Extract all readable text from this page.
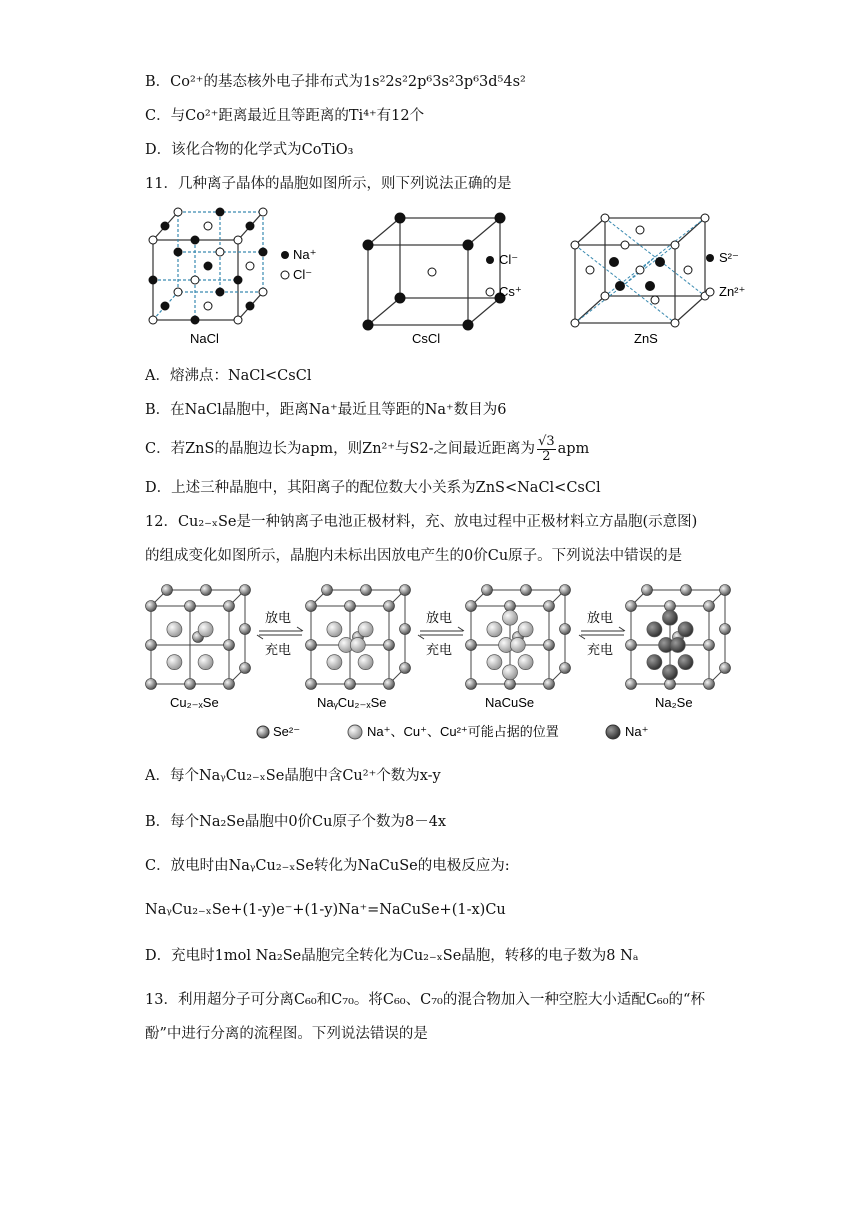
B．Co²⁺的基态核外电子排布式为1s²2s²2p⁶3s²3p⁶3d⁵4s²
C．与Co²⁺距离最近且等距离的Ti⁴⁺有12个
D．该化合物的化学式为CoTiO₃
11．几种离子晶体的晶胞如图所示，则下列说法正确的是
Na⁺
Cl⁻
NaCl
Cl⁻
Cs⁺
CsCl
S²⁻
Zn²⁺
ZnS
A．熔沸点：NaCl<CsCl
B．在NaCl晶胞中，距离Na⁺最近且等距的Na⁺数目为6
C．若ZnS的晶胞边长为apm，则Zn²⁺与S2-之间最近距离为 $\frac{√3}{2}$ apm
D．上述三种晶胞中，其阳离子的配位数大小关系为ZnS<NaCl<CsCl
12．Cu₂₋ₓSe是一种钠离子电池正极材料，充、放电过程中正极材料立方晶胞(示意图)
的组成变化如图所示，晶胞内未标出因放电产生的0价Cu原子。下列说法中错误的是
放电
充电
放电
充电
放电
充电
Cu₂₋ₓSe	NaᵧCu₂₋ₓSe	NaCuSe	Na₂Se
Se²⁻	Na⁺、Cu⁺、Cu²⁺可能占据的位置	Na⁺
A．每个NaᵧCu₂₋ₓSe晶胞中含Cu²⁺个数为x-y
B．每个Na₂Se晶胞中0价Cu原子个数为8－4x
C．放电时由NaᵧCu₂₋ₓSe转化为NaCuSe的电极反应为:
NaᵧCu₂₋ₓSe+(1-y)e⁻+(1-y)Na⁺=NaCuSe+(1-x)Cu
D．充电时1mol Na₂Se晶胞完全转化为Cu₂₋ₓSe晶胞，转移的电子数为8 Nₐ
13．利用超分子可分离C₆₀和C₇₀。将C₆₀、C₇₀的混合物加入一种空腔大小适配C₆₀的“杯
酚”中进行分离的流程图。下列说法错误的是
